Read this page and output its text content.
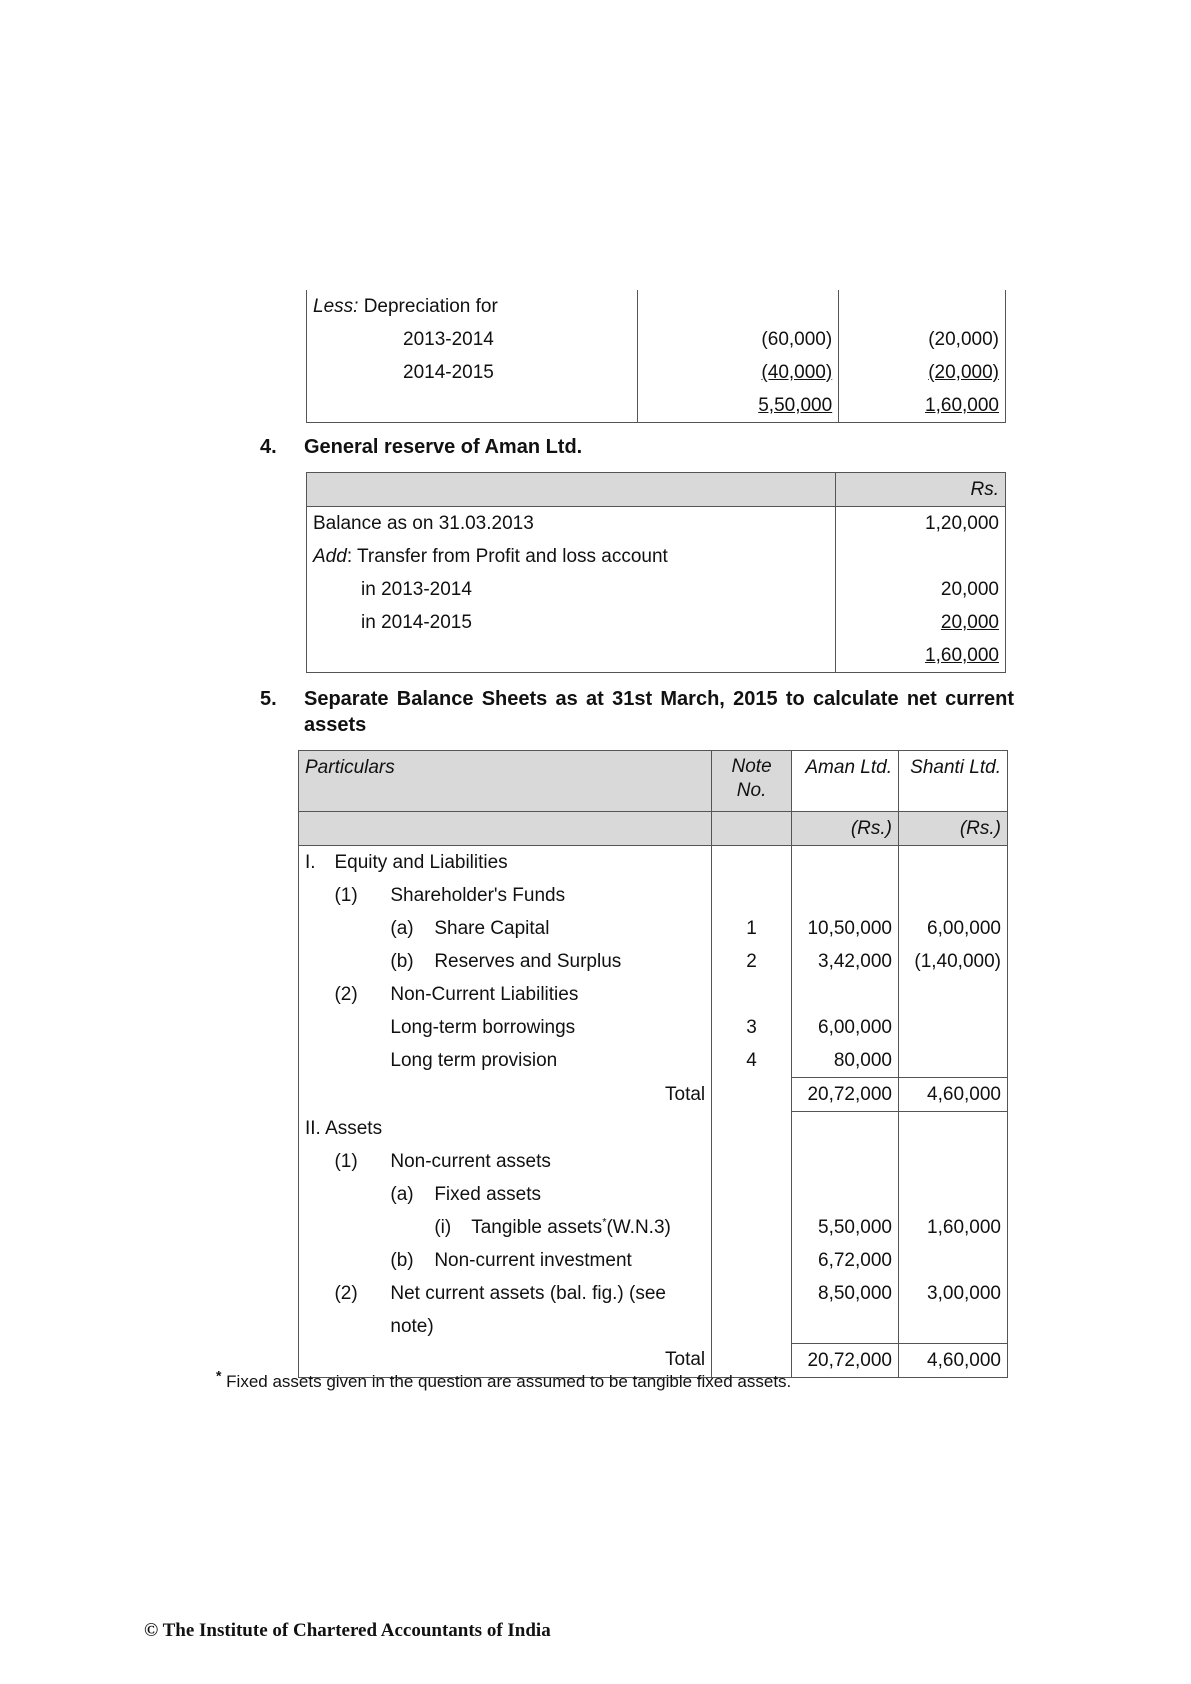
Less: Depreciation for		
2013-2014	(60,000)	(20,000)
2014-2015	(40,000)	(20,000)
	5,50,000	1,60,000
4. General reserve of Aman Ltd.
	Rs.
Balance as on 31.03.2013	1,20,000
Add: Transfer from Profit and loss account	
in 2013-2014	20,000
in 2014-2015	20,000
	1,60,000
5. Separate Balance Sheets as at 31st March, 2015 to calculate net current
assets
Particulars				Note No.	Aman Ltd.	Shanti Ltd.
					(Rs.)	(Rs.)
I.	Equity and Liabilities					
	(1)	Shareholder's Funds				
		(a)	Share Capital	1	10,50,000	6,00,000
		(b)	Reserves and Surplus	2	3,42,000	(1,40,000)
	(2)	Non-Current Liabilities				
		Long-term borrowings		3	6,00,000	
		Long term provision		4	80,000	
Total					20,72,000	4,60,000
II. Assets						
	(1)	Non-current assets				
		(a)	Fixed assets			
			(i) Tangible assets*(W.N.3)		5,50,000	1,60,000
		(b)	Non-current investment		6,72,000	
	(2)	Net current assets (bal. fig.) (see note)			8,50,000	3,00,000
Total					20,72,000	4,60,000
* Fixed assets given in the question are assumed to be tangible fixed assets.
© The Institute of Chartered Accountants of India
